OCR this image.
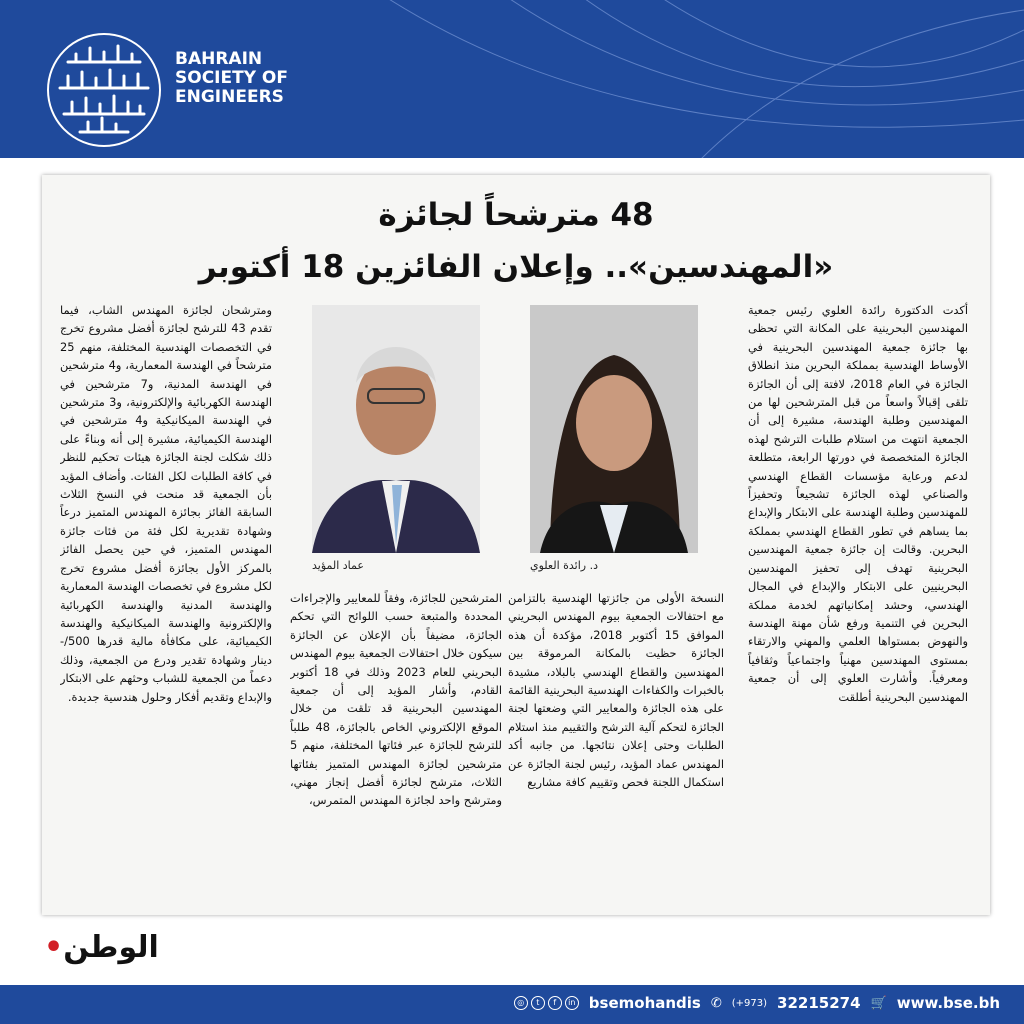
BAHRAIN
SOCIETY OF
ENGINEERS
48 مترشحاً لجائزة
«المهندسين».. وإعلان الفائزين 18 أكتوبر
أكدت الدكتورة رائدة العلوي رئيس جمعية المهندسين البحرينية على المكانة التي تحظى بها جائزة جمعية المهندسين البحرينية في الأوساط الهندسية بمملكة البحرين منذ انطلاق الجائزة في العام 2018، لافتة إلى أن الجائزة تلقى إقبالاً واسعاً من قبل المترشحين لها من المهندسين وطلبة الهندسة، مشيرة إلى أن الجمعية انتهت من استلام طلبات الترشح لهذه الجائزة المتخصصة في دورتها الرابعة، متطلعة لدعم ورعاية مؤسسات القطاع الهندسي والصناعي لهذه الجائزة تشجيعاً وتحفيزاً للمهندسين وطلبة الهندسة على الابتكار والإبداع بما يساهم في تطور القطاع الهندسي بمملكة البحرين. وقالت إن جائزة جمعية المهندسين البحرينية تهدف إلى تحفيز المهندسين البحرينيين على الابتكار والإبداع في المجال الهندسي، وحشد إمكانياتهم لخدمة مملكة البحرين في التنمية ورفع شأن مهنة الهندسة والنهوض بمستواها العلمي والمهني والارتقاء بمستوى المهندسين مهنياً واجتماعياً وثقافياً ومعرفياً. وأشارت العلوي إلى أن جمعية المهندسين البحرينية أطلقت
د. رائدة العلوي
عماد المؤيد
النسخة الأولى من جائزتها الهندسية بالتزامن مع احتفالات الجمعية بيوم المهندس البحريني الموافق 15 أكتوبر 2018، مؤكدة أن هذه الجائزة حظيت بالمكانة المرموقة بين المهندسين والقطاع الهندسي بالبلاد، مشيدة بالخبرات والكفاءات الهندسية البحرينية القائمة على هذه الجائزة والمعايير التي وضعتها لجنة الجائزة لتحكم آلية الترشح والتقييم منذ استلام الطلبات وحتى إعلان نتائجها. من جانبه أكد المهندس عماد المؤيد، رئيس لجنة الجائزة عن استكمال اللجنة فحص وتقييم كافة مشاريع
المترشحين للجائزة، وفقاً للمعايير والإجراءات المحددة والمتبعة حسب اللوائح التي تحكم الجائزة، مضيفاً بأن الإعلان عن الجائزة سيكون خلال احتفالات الجمعية بيوم المهندس البحريني للعام 2023 وذلك في 18 أكتوبر القادم، وأشار المؤيد إلى أن جمعية المهندسين البحرينية قد تلقت من خلال الموقع الإلكتروني الخاص بالجائزة، 48 طلباً للترشح للجائزة عبر فئاتها المختلفة، منهم 5 مترشحين لجائزة المهندس المتميز بفئاتها الثلاث، مترشح لجائزة أفضل إنجاز مهني، ومترشح واحد لجائزة المهندس المتمرس،
ومترشحان لجائزة المهندس الشاب، فيما تقدم 43 للترشح لجائزة أفضل مشروع تخرج في التخصصات الهندسية المختلفة، منهم 25 مترشحاً في الهندسة المعمارية، و4 مترشحين في الهندسة المدنية، و7 مترشحين في الهندسة الكهربائية والإلكترونية، و3 مترشحين في الهندسة الميكانيكية و4 مترشحين في الهندسة الكيميائية، مشيرة إلى أنه وبناءً على ذلك شكلت لجنة الجائزة هيئات تحكيم للنظر في كافة الطلبات لكل الفئات. وأضاف المؤيد بأن الجمعية قد منحت في النسخ الثلاث السابقة الفائز بجائزة المهندس المتميز درعاً وشهادة تقديرية لكل فئة من فئات جائزة المهندس المتميز، في حين يحصل الفائز بالمركز الأول بجائزة أفضل مشروع تخرج لكل مشروع في تخصصات الهندسة المعمارية والهندسة المدنية والهندسة الكهربائية والإلكترونية والهندسة الميكانيكية والهندسة الكيميائية، على مكافأة مالية قدرها 500/- دينار وشهادة تقدير ودرع من الجمعية، وذلك دعماً من الجمعية للشباب وحثهم على الابتكار والإبداع وتقديم أفكار وحلول هندسية جديدة.
الوطن•
◎	t	f	in bsemohandis ✆ (+973) 32215274 🛒 www.bse.bh
